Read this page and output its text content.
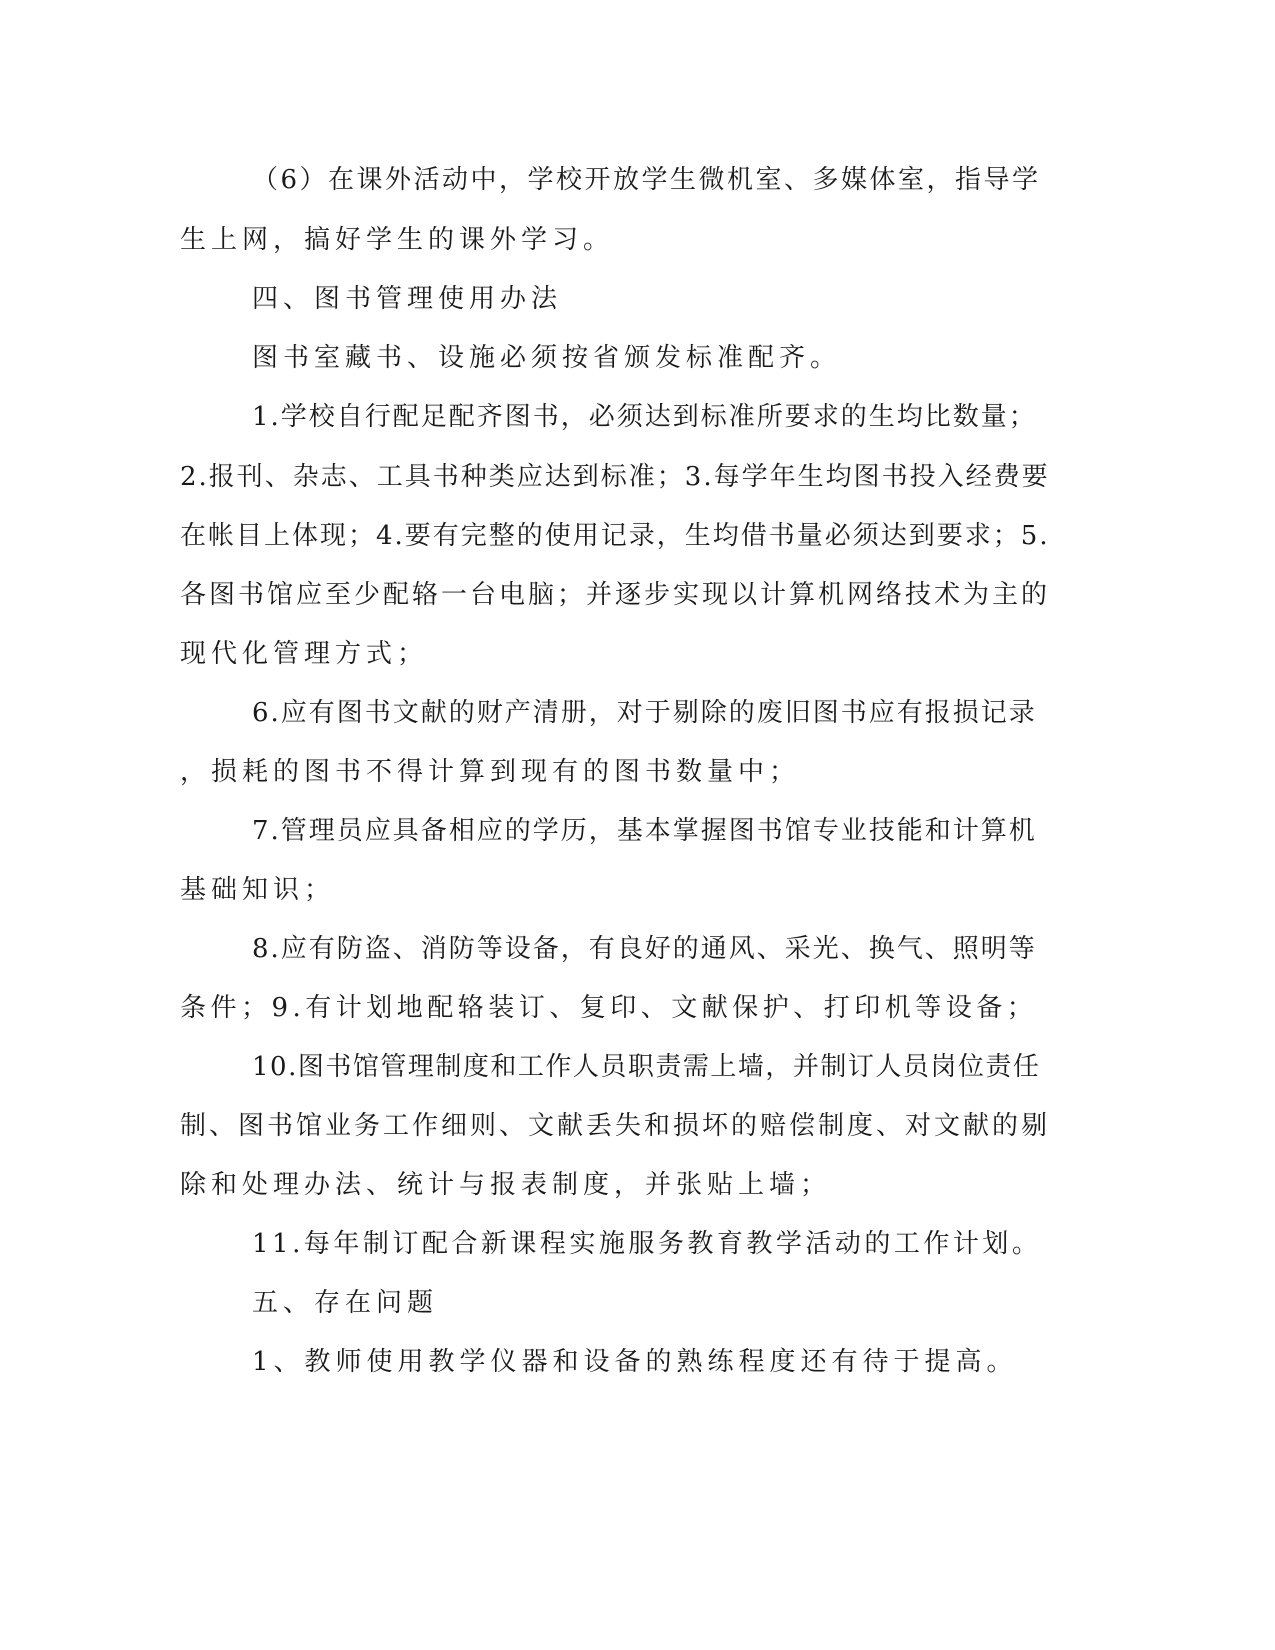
（6）在课外活动中，学校开放学生微机室、多媒体室，指导学
生上网，搞好学生的课外学习。
四、图书管理使用办法
图书室藏书、设施必须按省颁发标准配齐。
1.学校自行配足配齐图书，必须达到标准所要求的生均比数量；
2.报刊、杂志、工具书种类应达到标准；3.每学年生均图书投入经费要
在帐目上体现；4.要有完整的使用记录，生均借书量必须达到要求；5.
各图书馆应至少配辂一台电脑；并逐步实现以计算机网络技术为主的
现代化管理方式；
6.应有图书文献的财产清册，对于剔除的废旧图书应有报损记录
，损耗的图书不得计算到现有的图书数量中；
7.管理员应具备相应的学历，基本掌握图书馆专业技能和计算机
基础知识；
8.应有防盗、消防等设备，有良好的通风、采光、换气、照明等
条件；9.有计划地配辂装订、复印、文献保护、打印机等设备；
10.图书馆管理制度和工作人员职责需上墙，并制订人员岗位责任
制、图书馆业务工作细则、文献丢失和损坏的赔偿制度、对文献的剔
除和处理办法、统计与报表制度，并张贴上墙；
11.每年制订配合新课程实施服务教育教学活动的工作计划。
五、存在问题
1、教师使用教学仪器和设备的熟练程度还有待于提高。
